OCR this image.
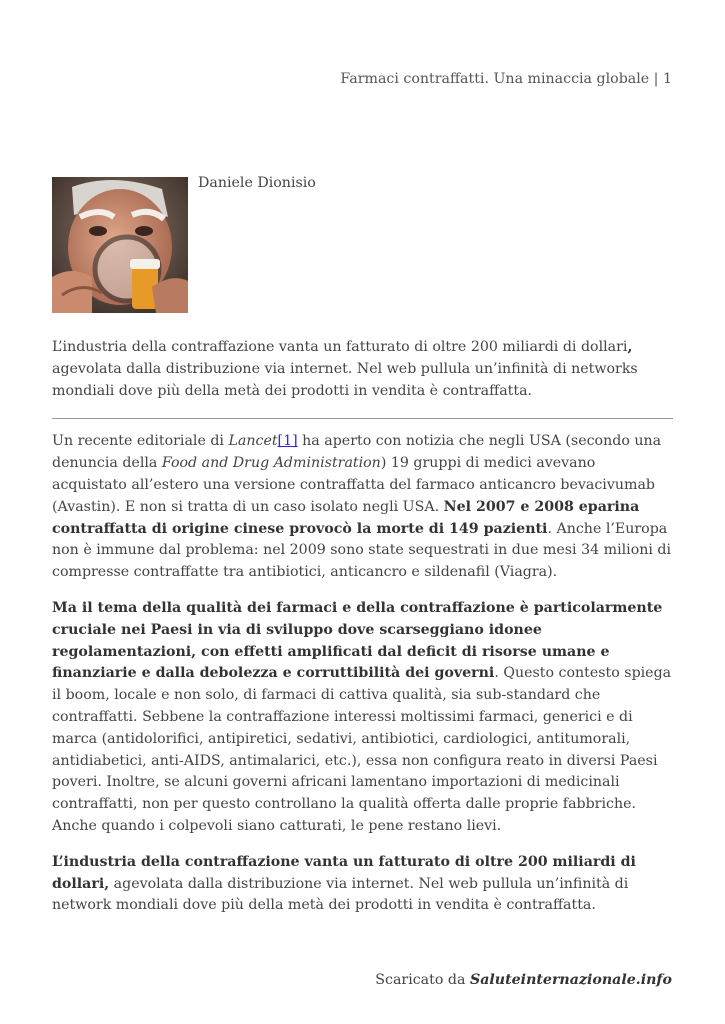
Farmaci contraffatti. Una minaccia globale | 1
Daniele Dionisio

L’industria della contraffazione vanta un fatturato di oltre 200 miliardi di dollari, agevolata dalla distribuzione via internet. Nel web pullula un’infinità di networks mondiali dove più della metà dei prodotti in vendita è contraffatta.

Un recente editoriale di Lancet[1] ha aperto con notizia che negli USA (secondo una denuncia della Food and Drug Administration) 19 gruppi di medici avevano acquistato all’estero una versione contraffatta del farmaco anticancro bevacivumab (Avastin). E non si tratta di un caso isolato negli USA. Nel 2007 e 2008 eparina contraffatta di origine cinese provocò la morte di 149 pazienti. Anche l’Europa non è immune dal problema: nel 2009 sono state sequestrati in due mesi 34 milioni di compresse contraffatte tra antibiotici, anticancro e sildenafil (Viagra).

Ma il tema della qualità dei farmaci e della contraffazione è particolarmente cruciale nei Paesi in via di sviluppo dove scarseggiano idonee regolamentazioni, con effetti amplificati dal deficit di risorse umane e finanziarie e dalla debolezza e corruttibilità dei governi. Questo contesto spiega il boom, locale e non solo, di farmaci di cattiva qualità, sia sub-standard che contraffatti. Sebbene la contraffazione interessi moltissimi farmaci, generici e di marca (antidolorifici, antipiretici, sedativi, antibiotici, cardiologici, antitumorali, antidiabetici, anti-AIDS, antimalarici, etc.), essa non configura reato in diversi Paesi poveri. Inoltre, se alcuni governi africani lamentano importazioni di medicinali contraffatti, non per questo controllano la qualità offerta dalle proprie fabbriche. Anche quando i colpevoli siano catturati, le pene restano lievi.

L’industria della contraffazione vanta un fatturato di oltre 200 miliardi di dollari, agevolata dalla distribuzione via internet. Nel web pullula un’infinità di network mondiali dove più della metà dei prodotti in vendita è contraffatta.

Scaricato da Saluteinternazionale.info
